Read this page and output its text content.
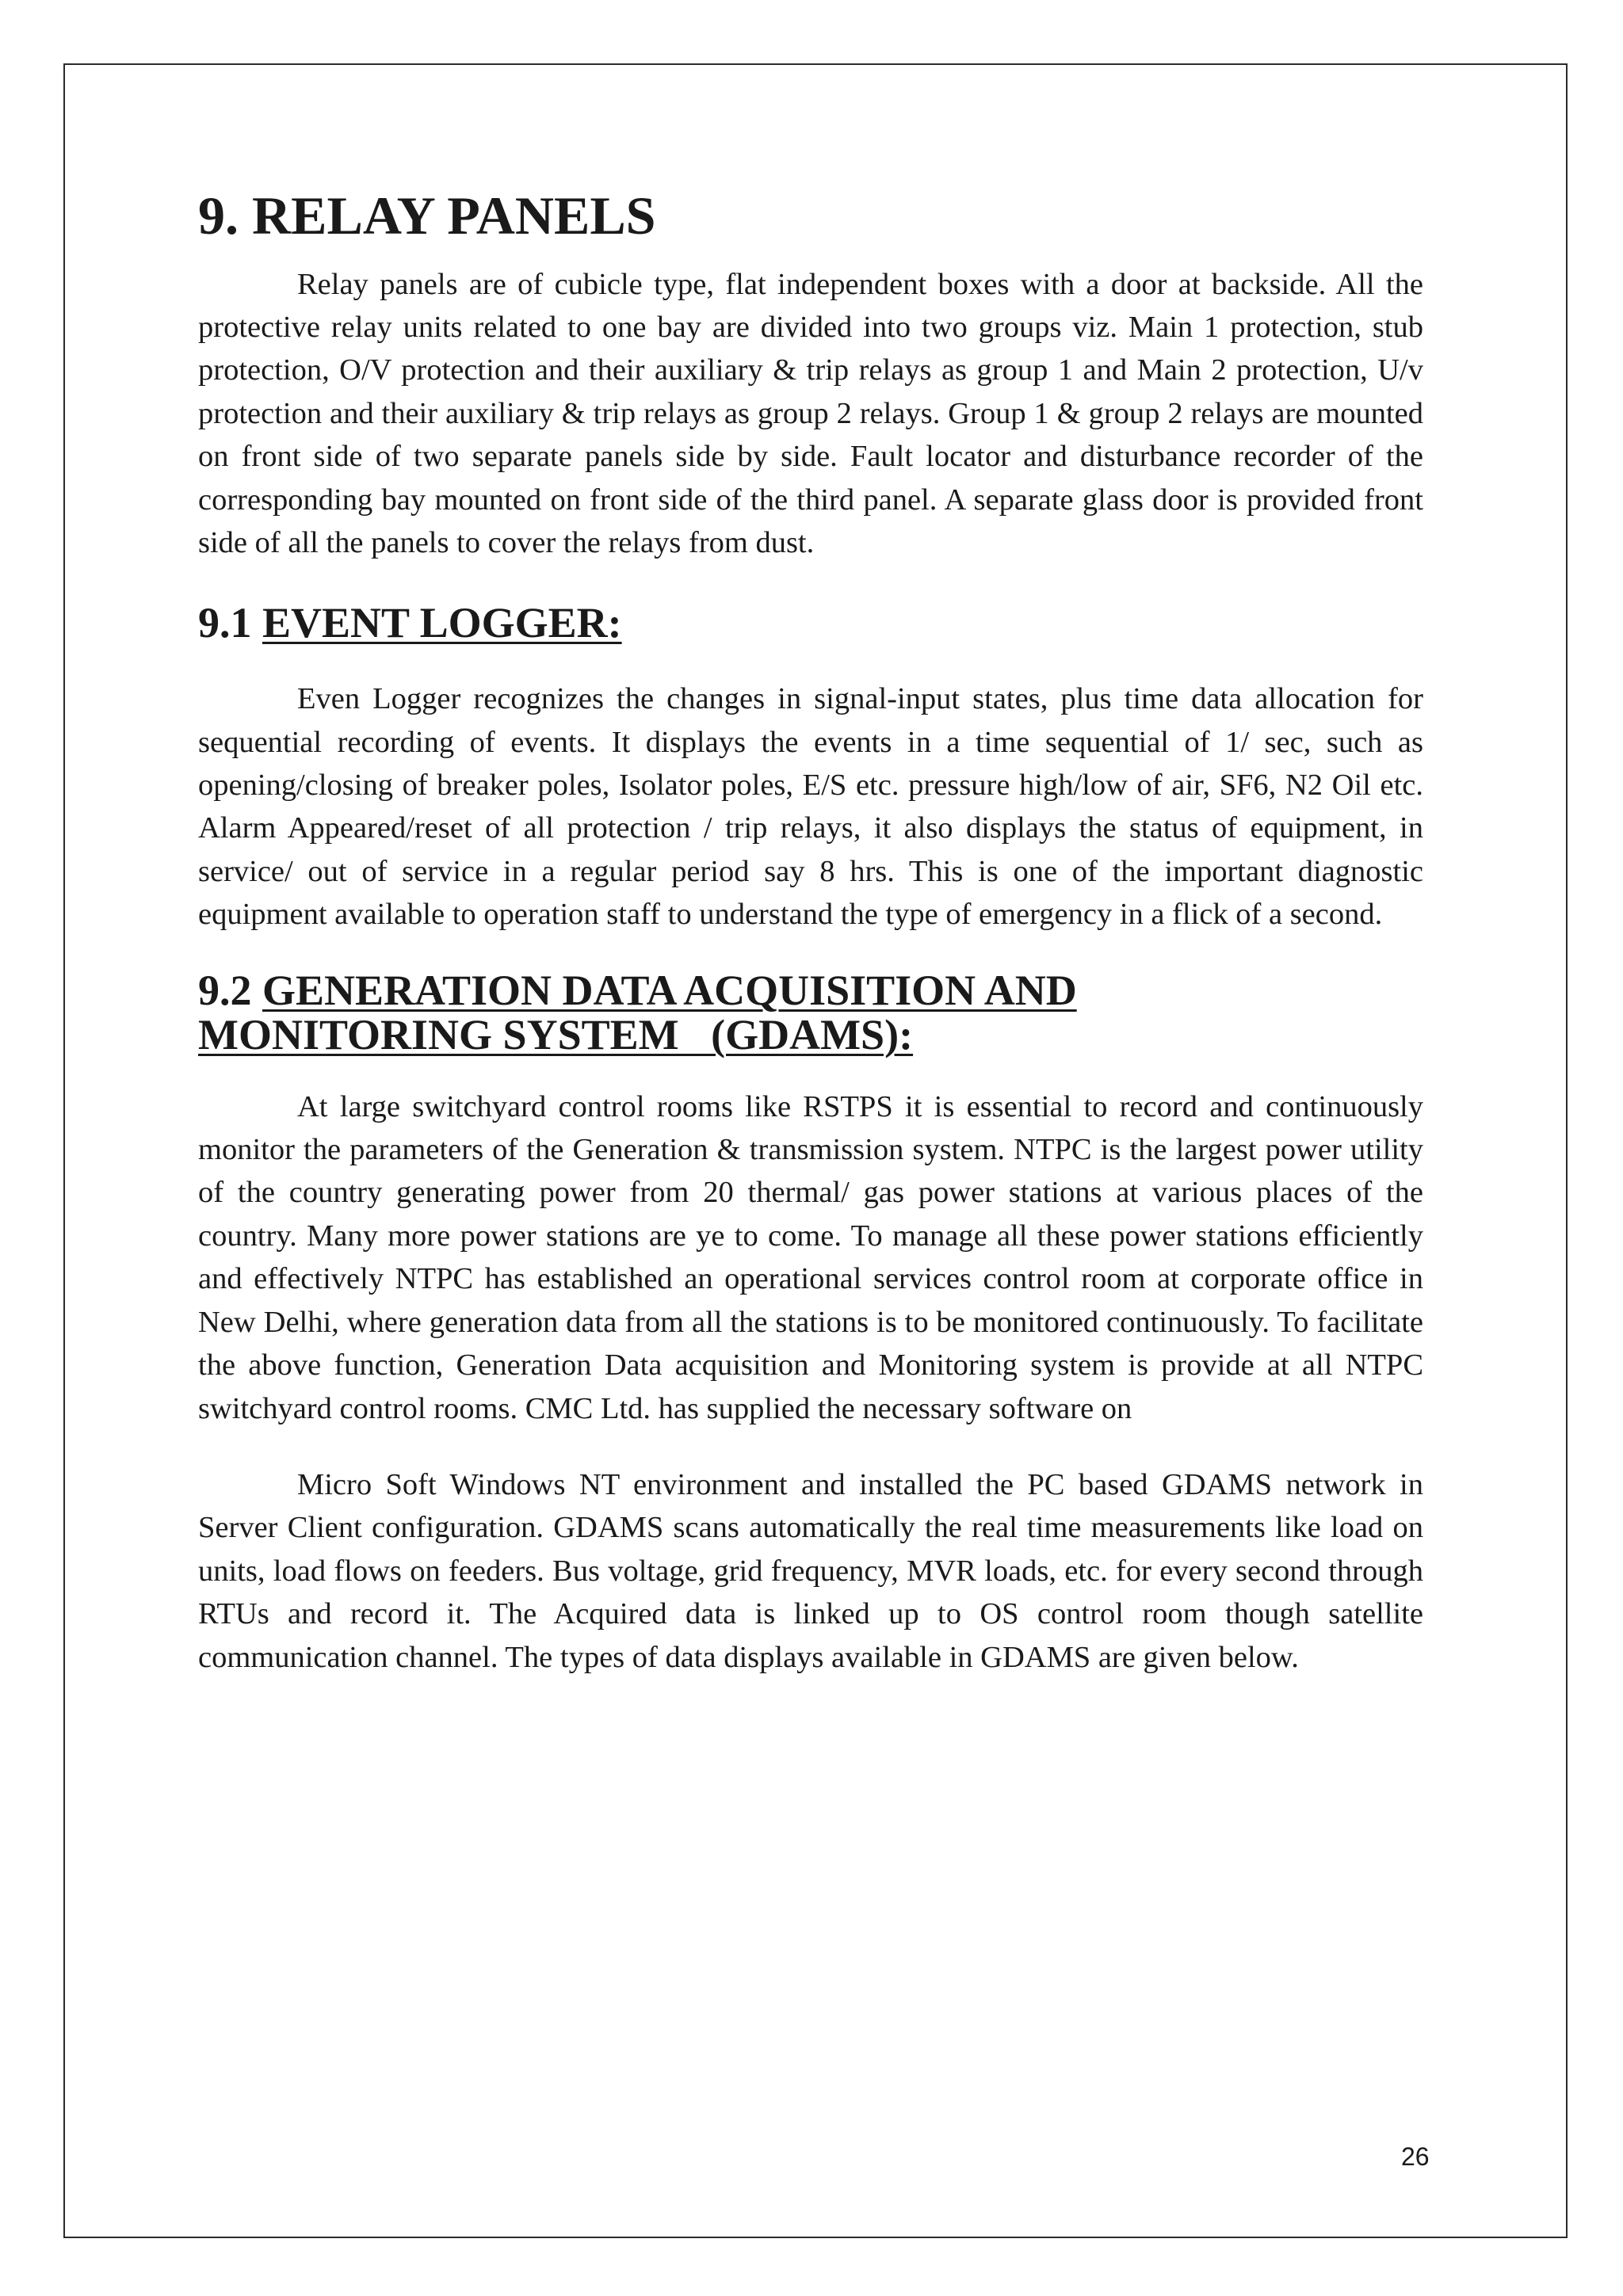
9. RELAY PANELS

Relay panels are of cubicle type, flat independent boxes with a door at backside. All the protective relay units related to one bay are divided into two groups viz. Main 1 protection, stub protection, O/V protection and their auxiliary & trip relays as group 1 and Main 2 protection, U/v protection and their auxiliary & trip relays as group 2 relays. Group 1 & group 2 relays are mounted on front side of two separate panels side by side. Fault locator and disturbance recorder of the corresponding bay mounted on front side of the third panel. A separate glass door is provided front side of all the panels to cover the relays from dust.

9.1 EVENT LOGGER:

Even Logger recognizes the changes in signal-input states, plus time data allocation for sequential recording of events. It displays the events in a time sequential of 1/ sec, such as opening/closing of breaker poles, Isolator poles, E/S etc. pressure high/low of air, SF6, N2 Oil etc. Alarm Appeared/reset of all protection / trip relays, it also displays the status of equipment, in service/ out of service in a regular period say 8 hrs. This is one of the important diagnostic equipment available to operation staff to understand the type of emergency in a flick of a second.

9.2 GENERATION DATA ACQUISITION AND
MONITORING SYSTEM   (GDAMS):

At large switchyard control rooms like RSTPS it is essential to record and continuously monitor the parameters of the Generation & transmission system. NTPC is the largest power utility of the country generating power from 20 thermal/ gas power stations at various places of the country. Many more power stations are ye to come. To manage all these power stations efficiently and effectively NTPC has established an operational services control room at corporate office in New Delhi, where generation data from all the stations is to be monitored continuously. To facilitate the above function, Generation Data acquisition and Monitoring system is provide at all NTPC switchyard control rooms. CMC Ltd. has supplied the necessary software on

Micro Soft Windows NT environment and installed the PC based GDAMS network in Server Client configuration. GDAMS scans automatically the real time measurements like load on units, load flows on feeders. Bus voltage, grid frequency, MVR loads, etc. for every second through RTUs and record it. The Acquired data is linked up to OS control room though satellite communication channel. The types of data displays available in GDAMS are given below.

26
